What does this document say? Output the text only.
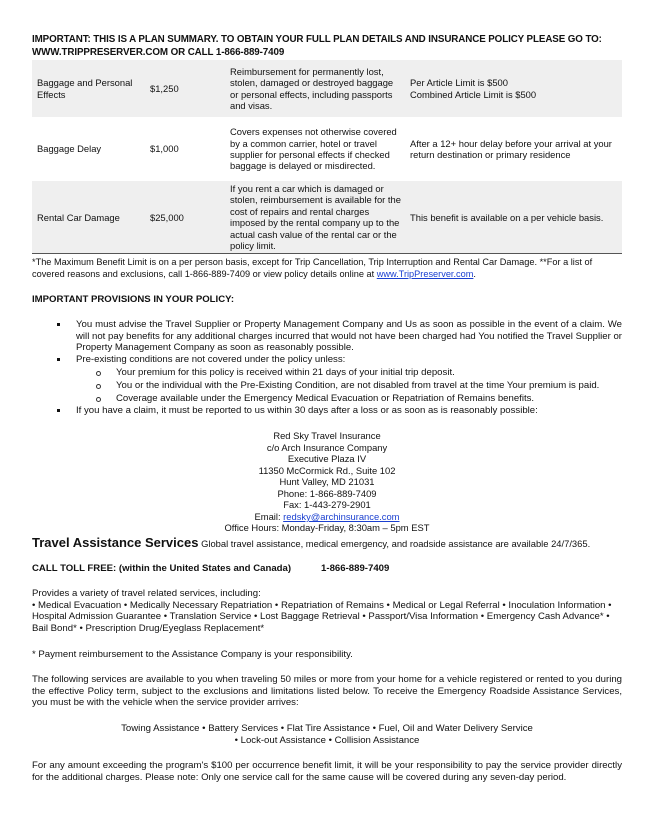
IMPORTANT: THIS IS A PLAN SUMMARY. TO OBTAIN YOUR FULL PLAN DETAILS AND INSURANCE POLICY PLEASE GO TO:
WWW.TRIPPRESERVER.COM OR CALL 1-866-889-7409
Baggage and Personal Effects	$1,250	Reimbursement for permanently lost, stolen, damaged or destroyed baggage or personal effects, including passports and visas.	Per Article Limit is $500
Combined Article Limit is $500

Baggage Delay	$1,000	Covers expenses not otherwise covered by a common carrier, hotel or travel supplier for personal effects if checked baggage is delayed or misdirected.	After a 12+ hour delay before your arrival at your return destination or primary residence

Rental Car Damage	$25,000	If you rent a car which is damaged or stolen, reimbursement is available for the cost of repairs and rental charges imposed by the rental company up to the actual cash value of the rental car or the policy limit.	This benefit is available on a per vehicle basis.
*The Maximum Benefit Limit is on a per person basis, except for Trip Cancellation, Trip Interruption and Rental Car Damage. **For a list of covered reasons and exclusions, call 1-866-889-7409 or view policy details online at www.TripPreserver.com.
IMPORTANT PROVISIONS IN YOUR POLICY:
You must advise the Travel Supplier or Property Management Company and Us as soon as possible in the event of a claim. We will not pay benefits for any additional charges incurred that would not have been charged had You notified the Travel Supplier or Property Management Company as soon as reasonably possible.
Pre-existing conditions are not covered under the policy unless:
Your premium for this policy is received within 21 days of your initial trip deposit.
You or the individual with the Pre-Existing Condition, are not disabled from travel at the time Your premium is paid.
Coverage available under the Emergency Medical Evacuation or Repatriation of Remains benefits.
If you have a claim, it must be reported to us within 30 days after a loss or as soon as is reasonably possible:
Red Sky Travel Insurance
c/o Arch Insurance Company
Executive Plaza IV
11350 McCormick Rd., Suite 102
Hunt Valley, MD 21031
Phone: 1-866-889-7409
Fax: 1-443-279-2901
Email: redsky@archinsurance.com
Office Hours: Monday-Friday, 8:30am – 5pm EST
Travel Assistance Services Global travel assistance, medical emergency, and roadside assistance are available 24/7/365.
CALL TOLL FREE: (within the United States and Canada)	1-866-889-7409

Provides a variety of travel related services, including:

• Medical Evacuation • Medically Necessary Repatriation • Repatriation of Remains • Medical or Legal Referral • Inoculation Information • Hospital Admission Guarantee • Translation Service • Lost Baggage Retrieval • Passport/Visa Information • Emergency Cash Advance* • Bail Bond* • Prescription Drug/Eyeglass Replacement*

* Payment reimbursement to the Assistance Company is your responsibility.

The following services are available to you when traveling 50 miles or more from your home for a vehicle registered or rented to you during the effective Policy term, subject to the exclusions and limitations listed below. To receive the Emergency Roadside Assistance Services, you must be with the vehicle when the service provider arrives:

Towing Assistance • Battery Services • Flat Tire Assistance • Fuel, Oil and Water Delivery Service
• Lock-out Assistance • Collision Assistance

For any amount exceeding the program's $100 per occurrence benefit limit, it will be your responsibility to pay the service provider directly for the additional charges. Please note: Only one service call for the same cause will be covered during any seven-day period.
